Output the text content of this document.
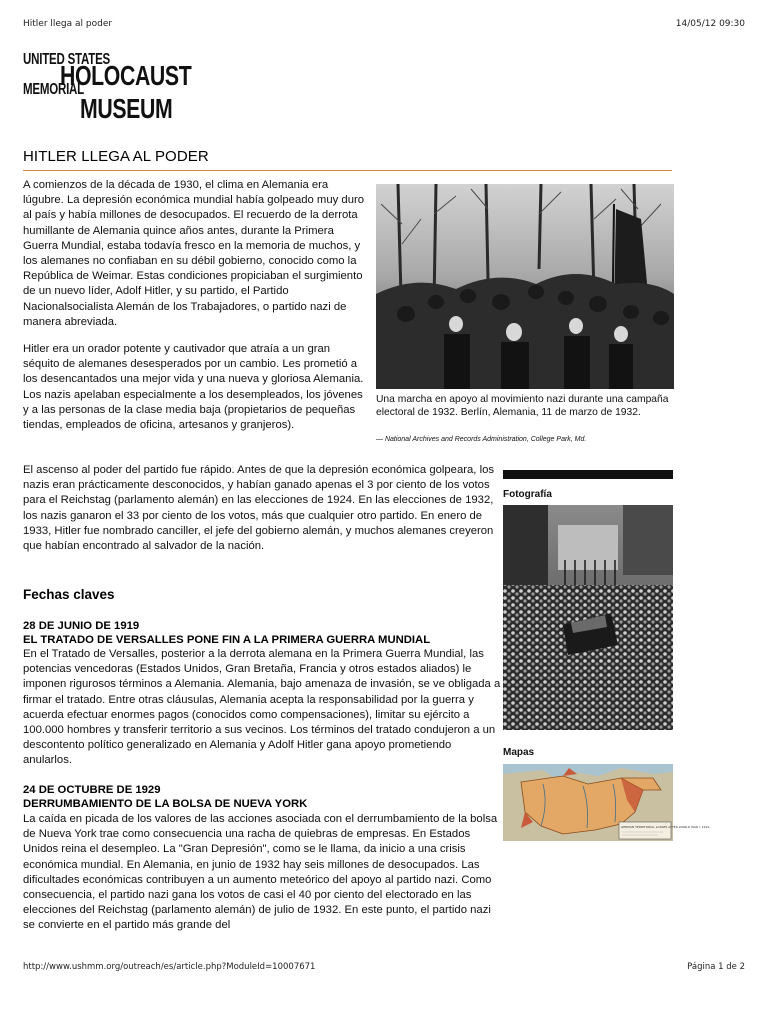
Hitler llega al poder	14/05/12 09:30
UNITED STATES
HOLOCAUST
MEMORIAL
MUSEUM
HITLER LLEGA AL PODER

A comienzos de la década de 1930, el clima en Alemania era lúgubre. La depresión económica mundial había golpeado muy duro al país y había millones de desocupados. El recuerdo de la derrota humillante de Alemania quince años antes, durante la Primera Guerra Mundial, estaba todavía fresco en la memoria de muchos, y los alemanes no confiaban en su débil gobierno, conocido como la República de Weimar. Estas condiciones propiciaban el surgimiento de un nuevo líder, Adolf Hitler, y su partido, el Partido Nacionalsocialista Alemán de los Trabajadores, o partido nazi de manera abreviada.

Hitler era un orador potente y cautivador que atraía a un gran séquito de alemanes desesperados por un cambio. Les prometió a los desencantados una mejor vida y una nueva y gloriosa Alemania. Los nazis apelaban especialmente a los desempleados, los jóvenes y a las personas de la clase media baja (propietarios de pequeñas tiendas, empleados de oficina, artesanos y granjeros).

Una marcha en apoyo al movimiento nazi durante una campaña electoral de 1932. Berlín, Alemania, 11 de marzo de 1932.

— National Archives and Records Administration, College Park, Md.

El ascenso al poder del partido fue rápido. Antes de que la depresión económica golpeara, los nazis eran prácticamente desconocidos, y habían ganado apenas el 3 por ciento de los votos para el Reichstag (parlamento alemán) en las elecciones de 1924. En las elecciones de 1932, los nazis ganaron el 33 por ciento de los votos, más que cualquier otro partido. En enero de 1933, Hitler fue nombrado canciller, el jefe del gobierno alemán, y muchos alemanes creyeron que habían encontrado al salvador de la nación.

Fotografía
Mapas
GERMAN TERRITORIAL LOSSES AFTER WORLD WAR I, 1919
Fechas claves
28 DE JUNIO DE 1919
EL TRATADO DE VERSALLES PONE FIN A LA PRIMERA GUERRA MUNDIAL

En el Tratado de Versalles, posterior a la derrota alemana en la Primera Guerra Mundial, las potencias vencedoras (Estados Unidos, Gran Bretaña, Francia y otros estados aliados) le imponen rigurosos términos a Alemania. Alemania, bajo amenaza de invasión, se ve obligada a firmar el tratado. Entre otras cláusulas, Alemania acepta la responsabilidad por la guerra y acuerda efectuar enormes pagos (conocidos como compensaciones), limitar su ejército a 100.000 hombres y transferir territorio a sus vecinos. Los términos del tratado condujeron a un descontento político generalizado en Alemania y Adolf Hitler gana apoyo prometiendo anularlos.

24 DE OCTUBRE DE 1929
DERRUMBAMIENTO DE LA BOLSA DE NUEVA YORK

La caída en picada de los valores de las acciones asociada con el derrumbamiento de la bolsa de Nueva York trae como consecuencia una racha de quiebras de empresas. En Estados Unidos reina el desempleo. La "Gran Depresión", como se le llama, da inicio a una crisis económica mundial. En Alemania, en junio de 1932 hay seis millones de desocupados. Las dificultades económicas contribuyen a un aumento meteórico del apoyo al partido nazi. Como consecuencia, el partido nazi gana los votos de casi el 40 por ciento del electorado en las elecciones del Reichstag (parlamento alemán) de julio de 1932. En este punto, el partido nazi se convierte en el partido más grande del

http://www.ushmm.org/outreach/es/article.php?ModuleId=10007671	Página 1 de 2
